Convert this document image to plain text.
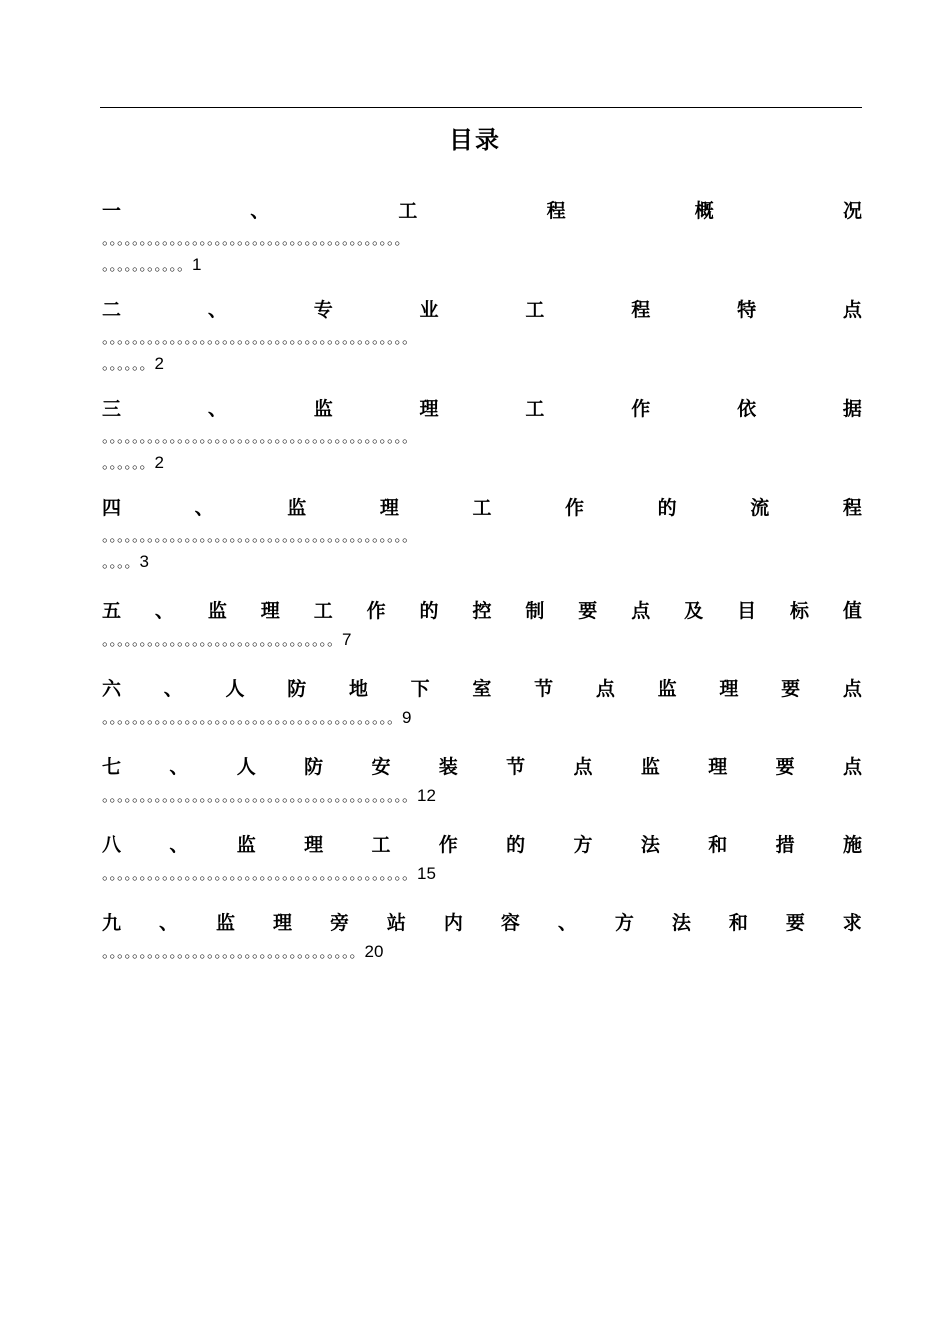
目录
一	、	工	程	概	况
。。。。。。。。。。。。。。。。。。。。。。。。。。。。。。。。。。。。。。。。
。。。。。。。。。。。1
二	、	专	业	工	程	特	点
。。。。。。。。。。。。。。。。。。。。。。。。。。。。。。。。。。。。。。。。。
。。。。。。2
三	、	监	理	工	作	依	据
。。。。。。。。。。。。。。。。。。。。。。。。。。。。。。。。。。。。。。。。。
。。。。。。2
四	、	监	理	工	作	的	流	程
。。。。。。。。。。。。。。。。。。。。。。。。。。。。。。。。。。。。。。。。。
。。。。3
五 、 监 理 工 作 的 控 制 要 点 及 目 标 值
。。。。。。。。。。。。。。。。。。。。。。。。。。。。。。。7
六 、 人 防 地 下 室 节 点 监 理 要 点
。。。。。。。。。。。。。。。。。。。。。。。。。。。。。。。。。。。。。。。9
七	、	人	防	安	装	节	点	监	理	要	点
。。。。。。。。。。。。。。。。。。。。。。。。。。。。。。。。。。。。。。。。。12
八	、	监	理	工	作	的	方	法	和	措	施
。。。。。。。。。。。。。。。。。。。。。。。。。。。。。。。。。。。。。。。。。15
九 、 监 理 旁 站 内 容 、 方 法 和 要 求
。。。。。。。。。。。。。。。。。。。。。。。。。。。。。。。。。。20
